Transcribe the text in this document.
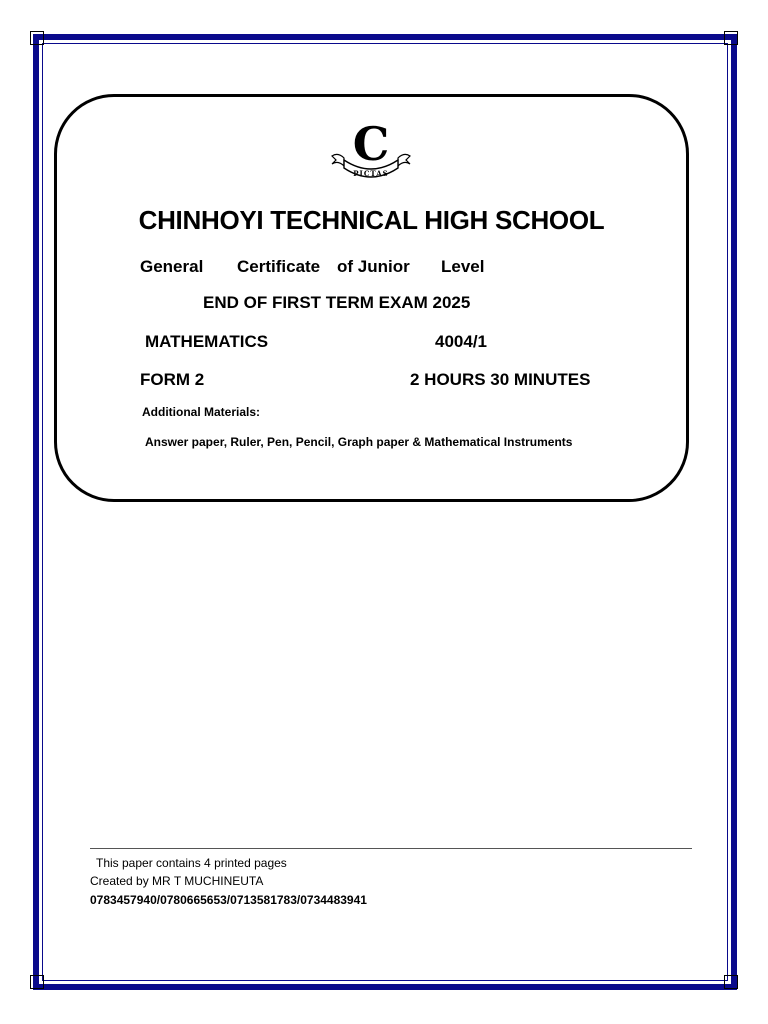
PICTAS
C
CHINHOYI TECHNICAL HIGH SCHOOL
General Certificate of Junior Level
END OF FIRST TERM EXAM 2025
MATHEMATICS	4004/1
FORM 2	2 HOURS 30 MINUTES
Additional Materials:
Answer paper, Ruler, Pen, Pencil, Graph paper & Mathematical Instruments
This paper contains 4 printed pages
Created by MR T MUCHINEUTA
0783457940/0780665653/0713581783/0734483941
